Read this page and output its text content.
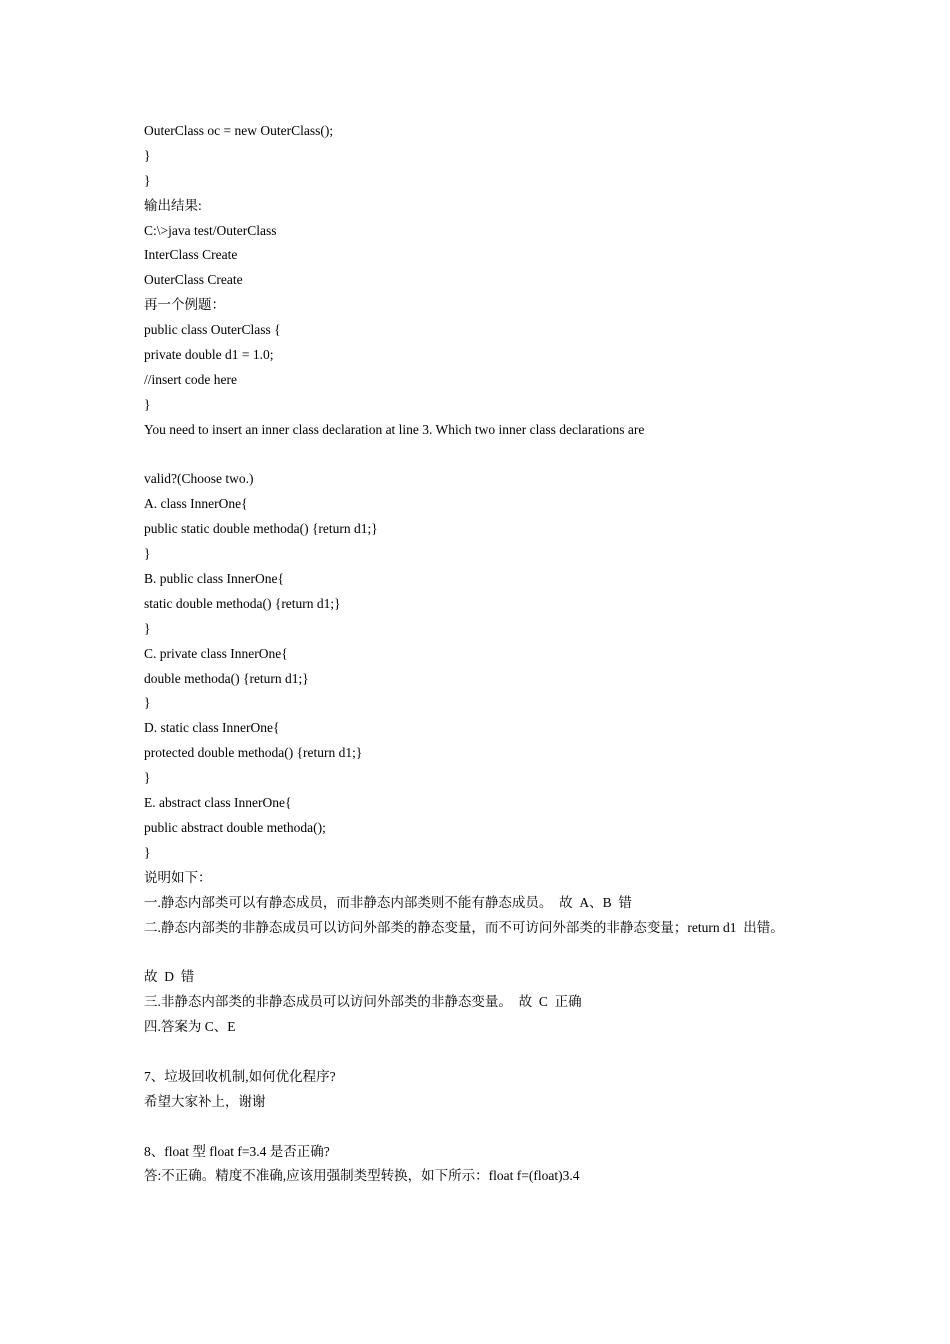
OuterClass oc = new OuterClass();
}
}
输出结果:
C:\>java test/OuterClass
InterClass Create
OuterClass Create
再一个例题：
public class OuterClass {
private double d1 = 1.0;
//insert code here
}
You need to insert an inner class declaration at line 3. Which two inner class declarations are
valid?(Choose two.)
A. class InnerOne{
public static double methoda() {return d1;}
}
B. public class InnerOne{
static double methoda() {return d1;}
}
C. private class InnerOne{
double methoda() {return d1;}
}
D. static class InnerOne{
protected double methoda() {return d1;}
}
E. abstract class InnerOne{
public abstract double methoda();
}
说明如下：
一.静态内部类可以有静态成员，而非静态内部类则不能有静态成员。  故  A、B  错
二.静态内部类的非静态成员可以访问外部类的静态变量，而不可访问外部类的非静态变量；return d1  出错。
故  D  错
三.非静态内部类的非静态成员可以访问外部类的非静态变量。  故  C  正确
四.答案为 C、E
7、垃圾回收机制,如何优化程序?
希望大家补上，谢谢
8、float 型 float f=3.4 是否正确?
答:不正确。精度不准确,应该用强制类型转换，如下所示：float f=(float)3.4
